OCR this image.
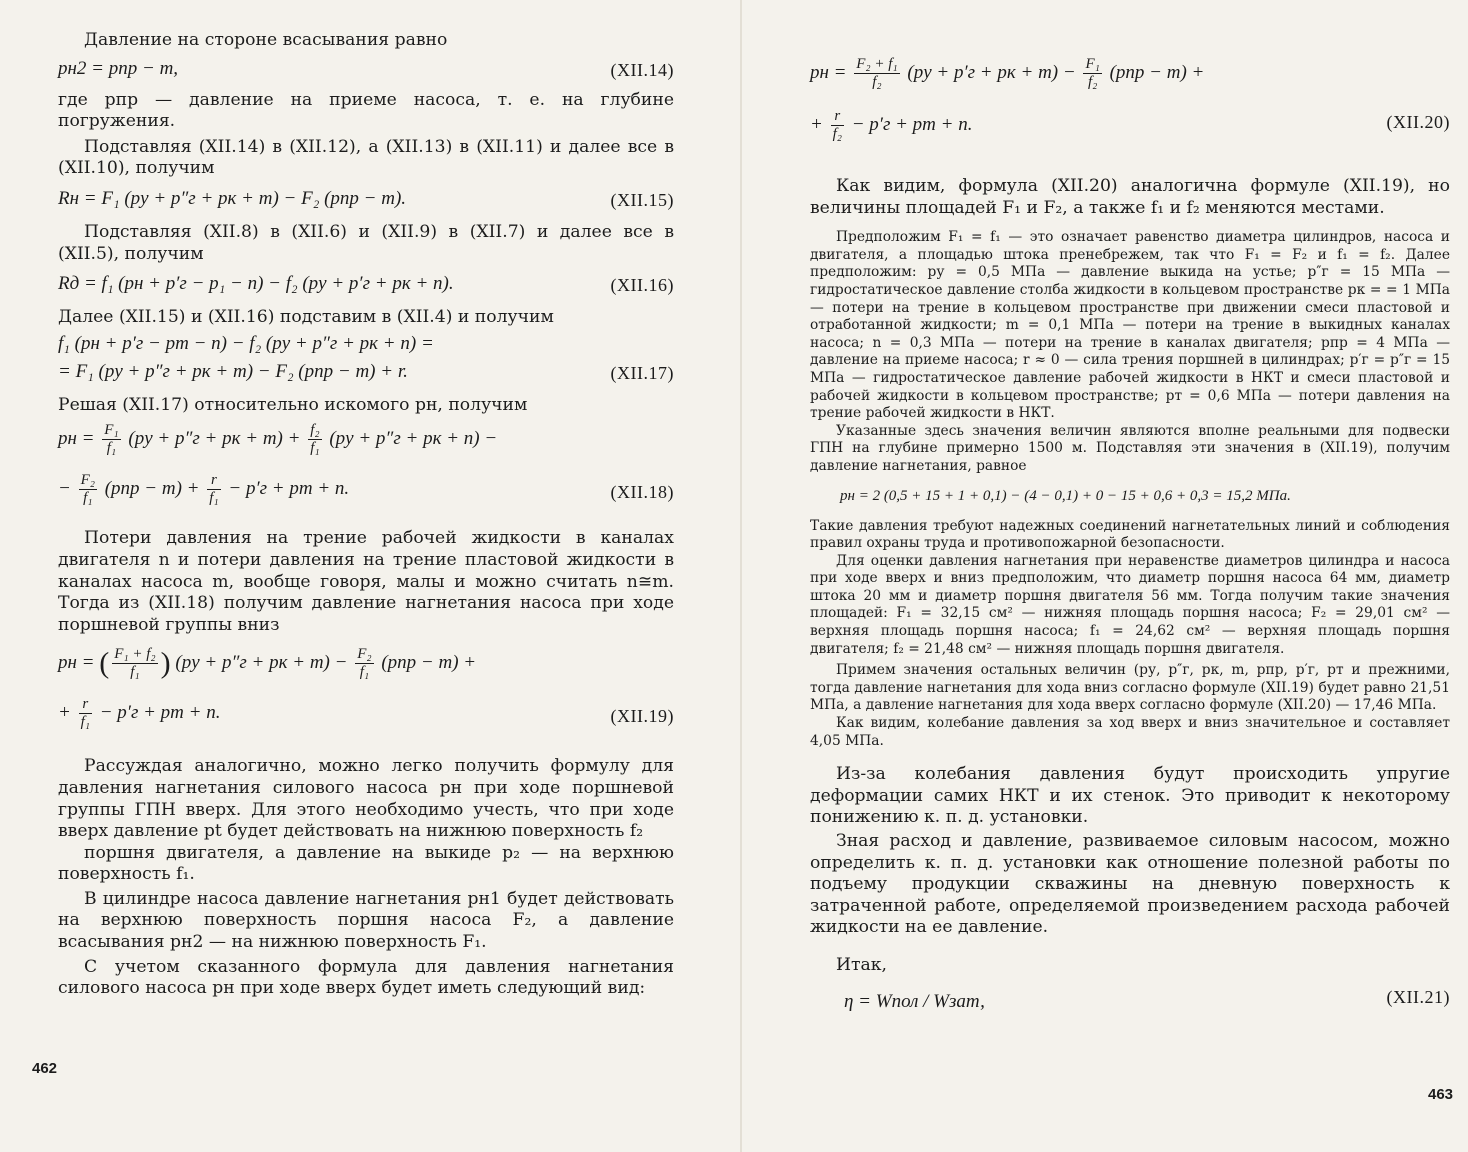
Давление на стороне всасывания равно

pн2 = pпр − m,	(XII.14)

где pпр — давление на приеме насоса, т. е. на глубине погружения.

Подставляя (XII.14) в (XII.12), а (XII.13) в (XII.11) и далее все в (XII.10), получим

Rн = F₁ (pу + p″г + pк + m) − F₂ (pпр − m).	(XII.15)

Подставляя (XII.8) в (XII.6) и (XII.9) в (XII.7) и далее все в (XII.5), получим

Rд = f₁ (pн + p′г − p₁ − n) − f₂ (pу + p′г + pк + n).	(XII.16)

Далее (XII.15) и (XII.16) подставим в (XII.4) и получим

f₁ (pн + p′г − pт − n) − f₂ (pу + p″г + pк + n) =
= F₁ (pу + p″г + pк + m) − F₂ (pпр − m) + r.	(XII.17)

Решая (XII.17) относительно искомого pн, получим

pн = $\frac{\text{F₁}}{\text{f₁}} (pу + p''г$ + pк + $m) + \frac{\text{f₂}}{\text{f₁}} (pу + p''г$ + pк + n) −
− $\frac{\text{F₂}}{\text{f₁}} (pпр - m) + \frac{r}{\text{f₁}} - p'г$ + pт + n.	(XII.18)

Потери давления на трение рабочей жидкости в каналах двигателя n и потери давления на трение пластовой жидкости в каналах насоса m, вообще говоря, малы и можно считать n≅m. Тогда из (XII.18) получим давление нагнетания насоса при ходе поршневой группы вниз

pн = ( $\frac{\text{F₁ + f₂}}{\text{f₁}}$ ) (pу + p″г + pк + $m) - \frac{\text{F₂}}{\text{f₁}} (pпр - m)$ +
+ $\frac{r}{\text{f₁}} - p'г$ + pт + n.	(XII.19)

Рассуждая аналогично, можно легко получить формулу для давления нагнетания силового насоса pн при ходе поршневой группы ГПН вверх. Для этого необходимо учесть, что при ходе вверх давление pt будет действовать на нижнюю поверхность f₂

поршня двигателя, а давление на выкиде p₂ — на верхнюю поверхность f₁.

В цилиндре насоса давление нагнетания pн1 будет действовать на верхнюю поверхность поршня насоса F₂, а давление всасывания pн2 — на нижнюю поверхность F₁.

С учетом сказанного формула для давления нагнетания силового насоса pн при ходе вверх будет иметь следующий вид:

462
pн = $\frac{\text{F₂ + f₁}}{\text{f₂}} (pу + p'г$ + pк + $m) - \frac{\text{F₁}}{\text{f₂}} (pпр - m)$ +
+ $\frac{r}{\text{f₂}} - p'г$ + pт + n.	(XII.20)

Как видим, формула (XII.20) аналогична формуле (XII.19), но величины площадей F₁ и F₂, а также f₁ и f₂ меняются местами.

Предположим F₁ = f₁ — это означает равенство диаметра цилиндров, насоса и двигателя, а площадью штока пренебрежем, так что F₁ = F₂ и f₁ = f₂. Далее предположим: pу = 0,5 МПа — давление выкида на устье; p″г = 15 МПа — гидростатическое давление столба жидкости в кольцевом пространстве pк = = 1 МПа — потери на трение в кольцевом пространстве при движении смеси пластовой и отработанной жидкости; m = 0,1 МПа — потери на трение в выкидных каналах насоса; n = 0,3 МПа — потери на трение в каналах двигателя; pпр = 4 МПа — давление на приеме насоса; r ≈ 0 — сила трения поршней в цилиндрах; p′г = p″г = 15 МПа — гидростатическое давление рабочей жидкости в НКТ и смеси пластовой и рабочей жидкости в кольцевом пространстве; pт = 0,6 МПа — потери давления на трение рабочей жидкости в НКТ.

Указанные здесь значения величин являются вполне реальными для подвески ГПН на глубине примерно 1500 м. Подставляя эти значения в (XII.19), получим давление нагнетания, равное

pн = 2 (0,5 + 15 + 1 + 0,1) − (4 − 0,1) + 0 − 15 + 0,6 + 0,3 = 15,2 МПа.

Такие давления требуют надежных соединений нагнетательных линий и соблюдения правил охраны труда и противопожарной безопасности.

Для оценки давления нагнетания при неравенстве диаметров цилиндра и насоса при ходе вверх и вниз предположим, что диаметр поршня насоса 64 мм, диаметр штока 20 мм и диаметр поршня двигателя 56 мм. Тогда получим такие значения площадей: F₁ = 32,15 см² — нижняя площадь поршня насоса; F₂ = 29,01 см² — верхняя площадь поршня насоса; f₁ = 24,62 см² — верхняя площадь поршня двигателя; f₂ = 21,48 см² — нижняя площадь поршня двигателя.

Примем значения остальных величин (pу, p″г, pк, m, pпр, p′г, pт и прежними, тогда давление нагнетания для хода вниз согласно формуле (XII.19) будет равно 21,51 МПа, а давление нагнетания для хода вверх согласно формуле (XII.20) — 17,46 МПа.

Как видим, колебание давления за ход вверх и вниз значительное и составляет 4,05 МПа.

Из-за колебания давления будут происходить упругие деформации самих НКТ и их стенок. Это приводит к некоторому понижению к. п. д. установки.

Зная расход и давление, развиваемое силовым насосом, можно определить к. п. д. установки как отношение полезной работы по подъему продукции скважины на дневную поверхность к затраченной работе, определяемой произведением расхода рабочей жидкости на ее давление.

Итак,

η = Wпол / Wзат,	(XII.21)
463
